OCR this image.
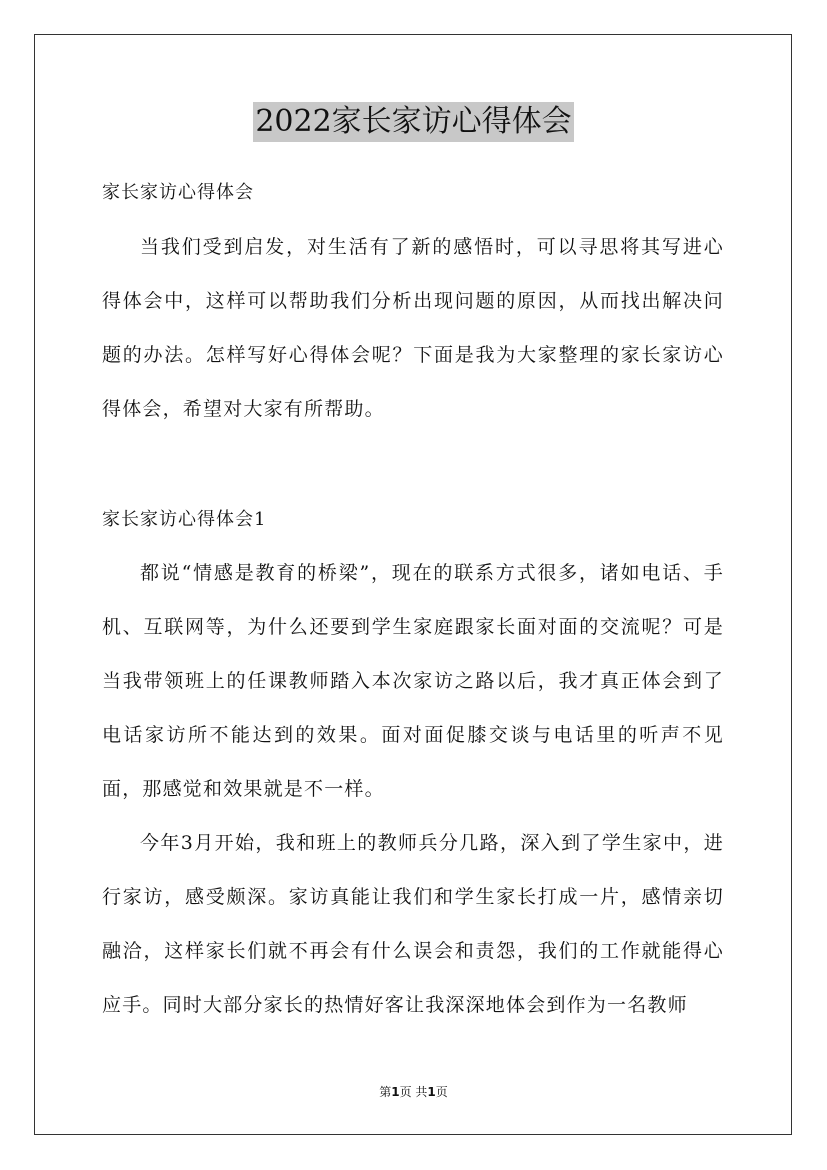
2022家长家访心得体会
家长家访心得体会

当我们受到启发，对生活有了新的感悟时，可以寻思将其写进心得体会中，这样可以帮助我们分析出现问题的原因，从而找出解决问题的办法。怎样写好心得体会呢？下面是我为大家整理的家长家访心得体会，希望对大家有所帮助。

家长家访心得体会1

都说“情感是教育的桥梁”，现在的联系方式很多，诸如电话、手机、互联网等，为什么还要到学生家庭跟家长面对面的交流呢？可是当我带领班上的任课教师踏入本次家访之路以后，我才真正体会到了电话家访所不能达到的效果。面对面促膝交谈与电话里的听声不见面，那感觉和效果就是不一样。

今年3月开始，我和班上的教师兵分几路，深入到了学生家中，进行家访，感受颇深。家访真能让我们和学生家长打成一片，感情亲切融洽，这样家长们就不再会有什么误会和责怨，我们的工作就能得心应手。同时大部分家长的热情好客让我深深地体会到作为一名教师

第1页 共1页
